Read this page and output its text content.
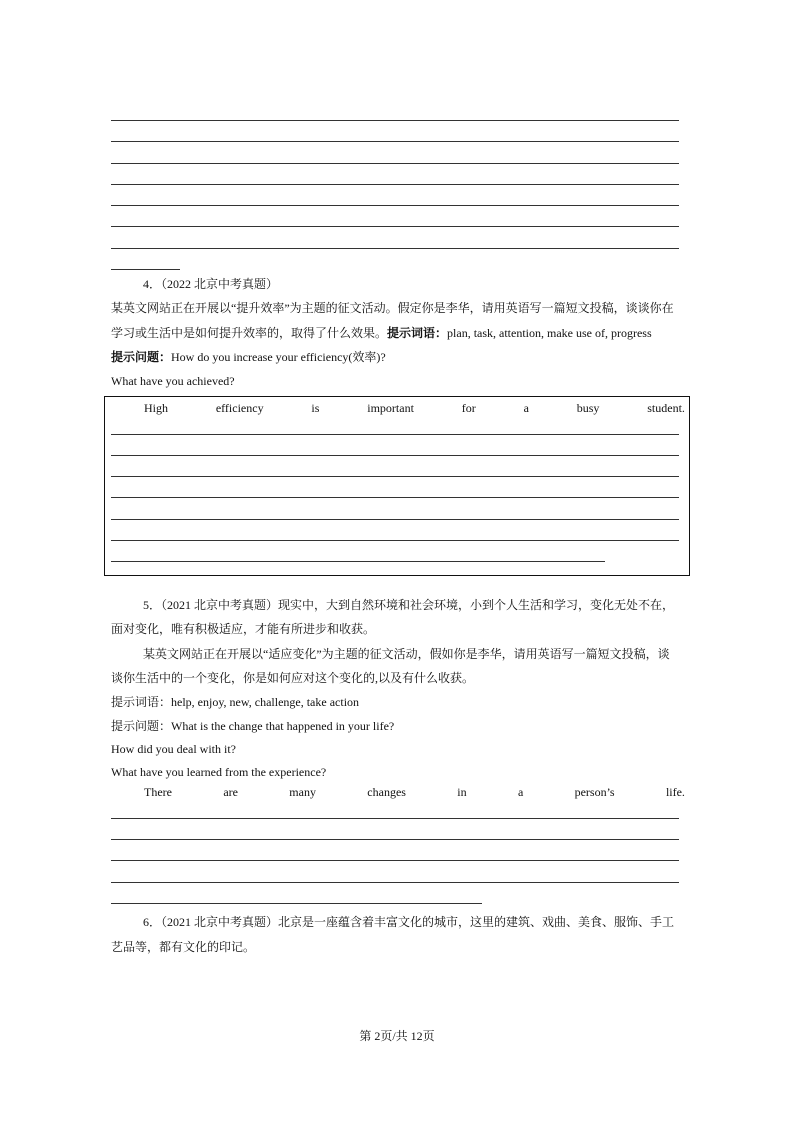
4．（2022 北京中考真题）
某英文网站正在开展以“提升效率”为主题的征文活动。假定你是李华，请用英语写一篇短文投稿，谈谈你在
学习或生活中是如何提升效率的，取得了什么效果。提示词语：plan, task, attention, make use of, progress
提示问题：How do you increase your efficiency(效率)?
What have you achieved?
High	efficiency	is	important	for	a	busy	student.
5．（2021 北京中考真题）现实中，大到自然环境和社会环境，小到个人生活和学习，变化无处不在，
面对变化，唯有积极适应，才能有所进步和收获。
某英文网站正在开展以“适应变化”为主题的征文活动，假如你是李华，请用英语写一篇短文投稿，谈
谈你生活中的一个变化，你是如何应对这个变化的,以及有什么收获。
提示词语：help, enjoy, new, challenge, take action
提示问题：What is the change that happened in your life?
How did you deal with it?
What have you learned from the experience?
There	are	many	changes	in	a	person’s	life.
6．（2021 北京中考真题）北京是一座蕴含着丰富文化的城市，这里的建筑、戏曲、美食、服饰、手工
艺品等，都有文化的印记。
第 2页/共 12页
